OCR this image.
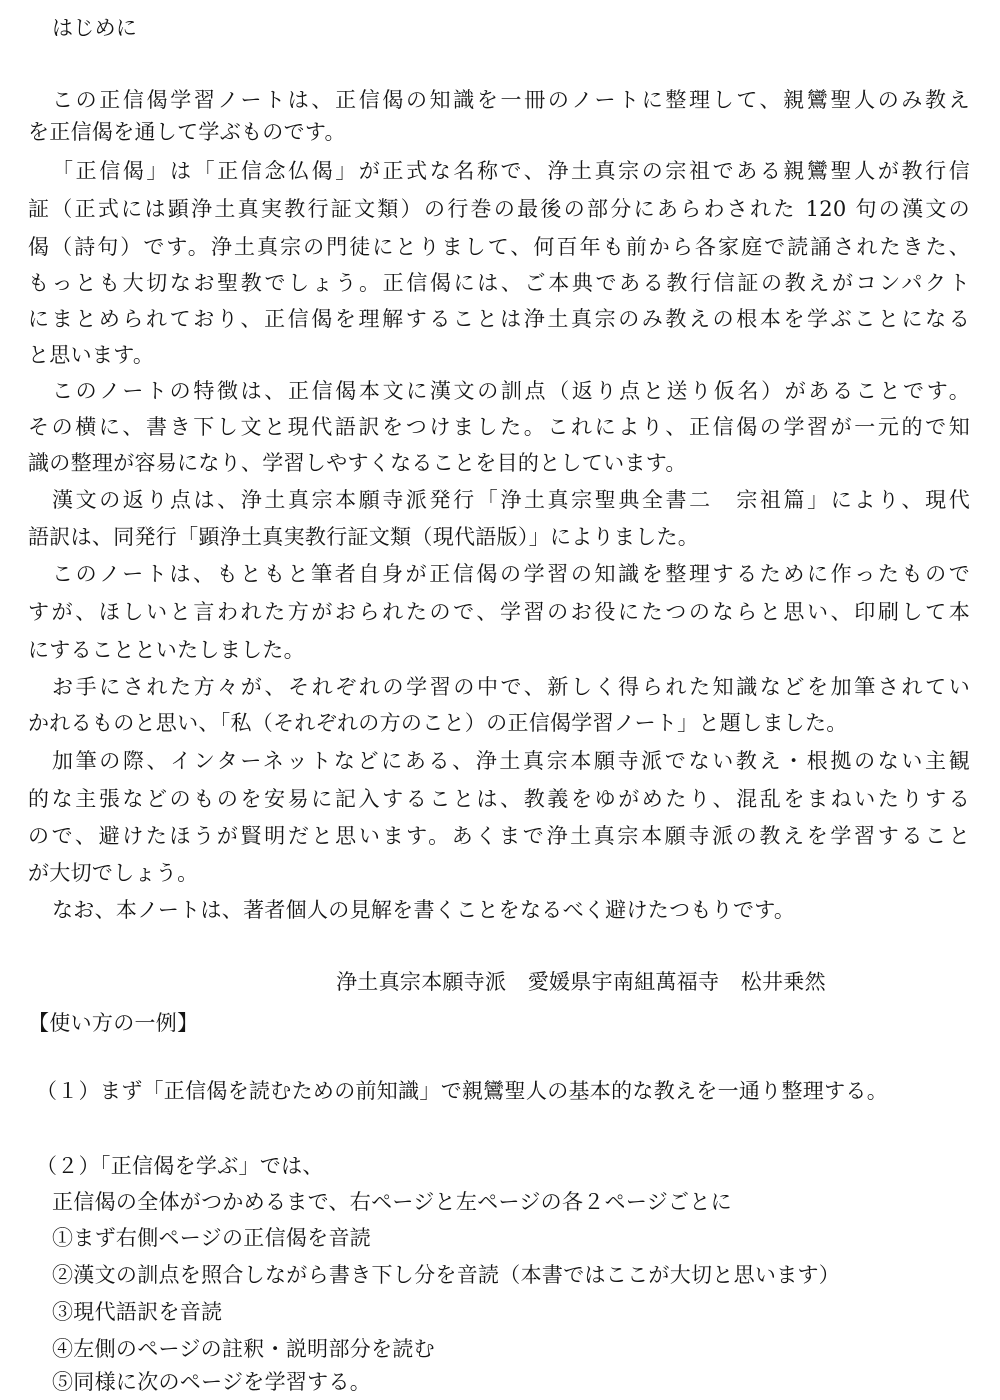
はじめに
この正信偈学習ノートは、正信偈の知識を一冊のノートに整理して、親鸞聖人のみ教え
を正信偈を通して学ぶものです。
「正信偈」は「正信念仏偈」が正式な名称で、浄土真宗の宗祖である親鸞聖人が教行信
証（正式には顕浄土真実教行証文類）の行巻の最後の部分にあらわされた 120 句の漢文の
偈（詩句）です。浄土真宗の門徒にとりまして、何百年も前から各家庭で読誦されたきた、
もっとも大切なお聖教でしょう。正信偈には、ご本典である教行信証の教えがコンパクト
にまとめられており、正信偈を理解することは浄土真宗のみ教えの根本を学ぶことになる
と思います。
このノートの特徴は、正信偈本文に漢文の訓点（返り点と送り仮名）があることです。
その横に、書き下し文と現代語訳をつけました。これにより、正信偈の学習が一元的で知
識の整理が容易になり、学習しやすくなることを目的としています。
漢文の返り点は、浄土真宗本願寺派発行「浄土真宗聖典全書二　宗祖篇」により、現代
語訳は、同発行「顕浄土真実教行証文類（現代語版）」によりました。
このノートは、もともと筆者自身が正信偈の学習の知識を整理するために作ったもので
すが、ほしいと言われた方がおられたので、学習のお役にたつのならと思い、印刷して本
にすることといたしました。
お手にされた方々が、それぞれの学習の中で、新しく得られた知識などを加筆されてい
かれるものと思い、「私（それぞれの方のこと）の正信偈学習ノート」と題しました。
加筆の際、インターネットなどにある、浄土真宗本願寺派でない教え・根拠のない主観
的な主張などのものを安易に記入することは、教義をゆがめたり、混乱をまねいたりする
ので、避けたほうが賢明だと思います。あくまで浄土真宗本願寺派の教えを学習すること
が大切でしょう。
なお、本ノートは、著者個人の見解を書くことをなるべく避けたつもりです。
浄土真宗本願寺派　愛媛県宇南組萬福寺　松井乗然
【使い方の一例】
（１）まず「正信偈を読むための前知識」で親鸞聖人の基本的な教えを一通り整理する。
（２）「正信偈を学ぶ」では、
正信偈の全体がつかめるまで、右ページと左ページの各２ページごとに
①まず右側ページの正信偈を音読
②漢文の訓点を照合しながら書き下し分を音読（本書ではここが大切と思います）
③現代語訳を音読
④左側のページの註釈・説明部分を読む
⑤同様に次のページを学習する。
